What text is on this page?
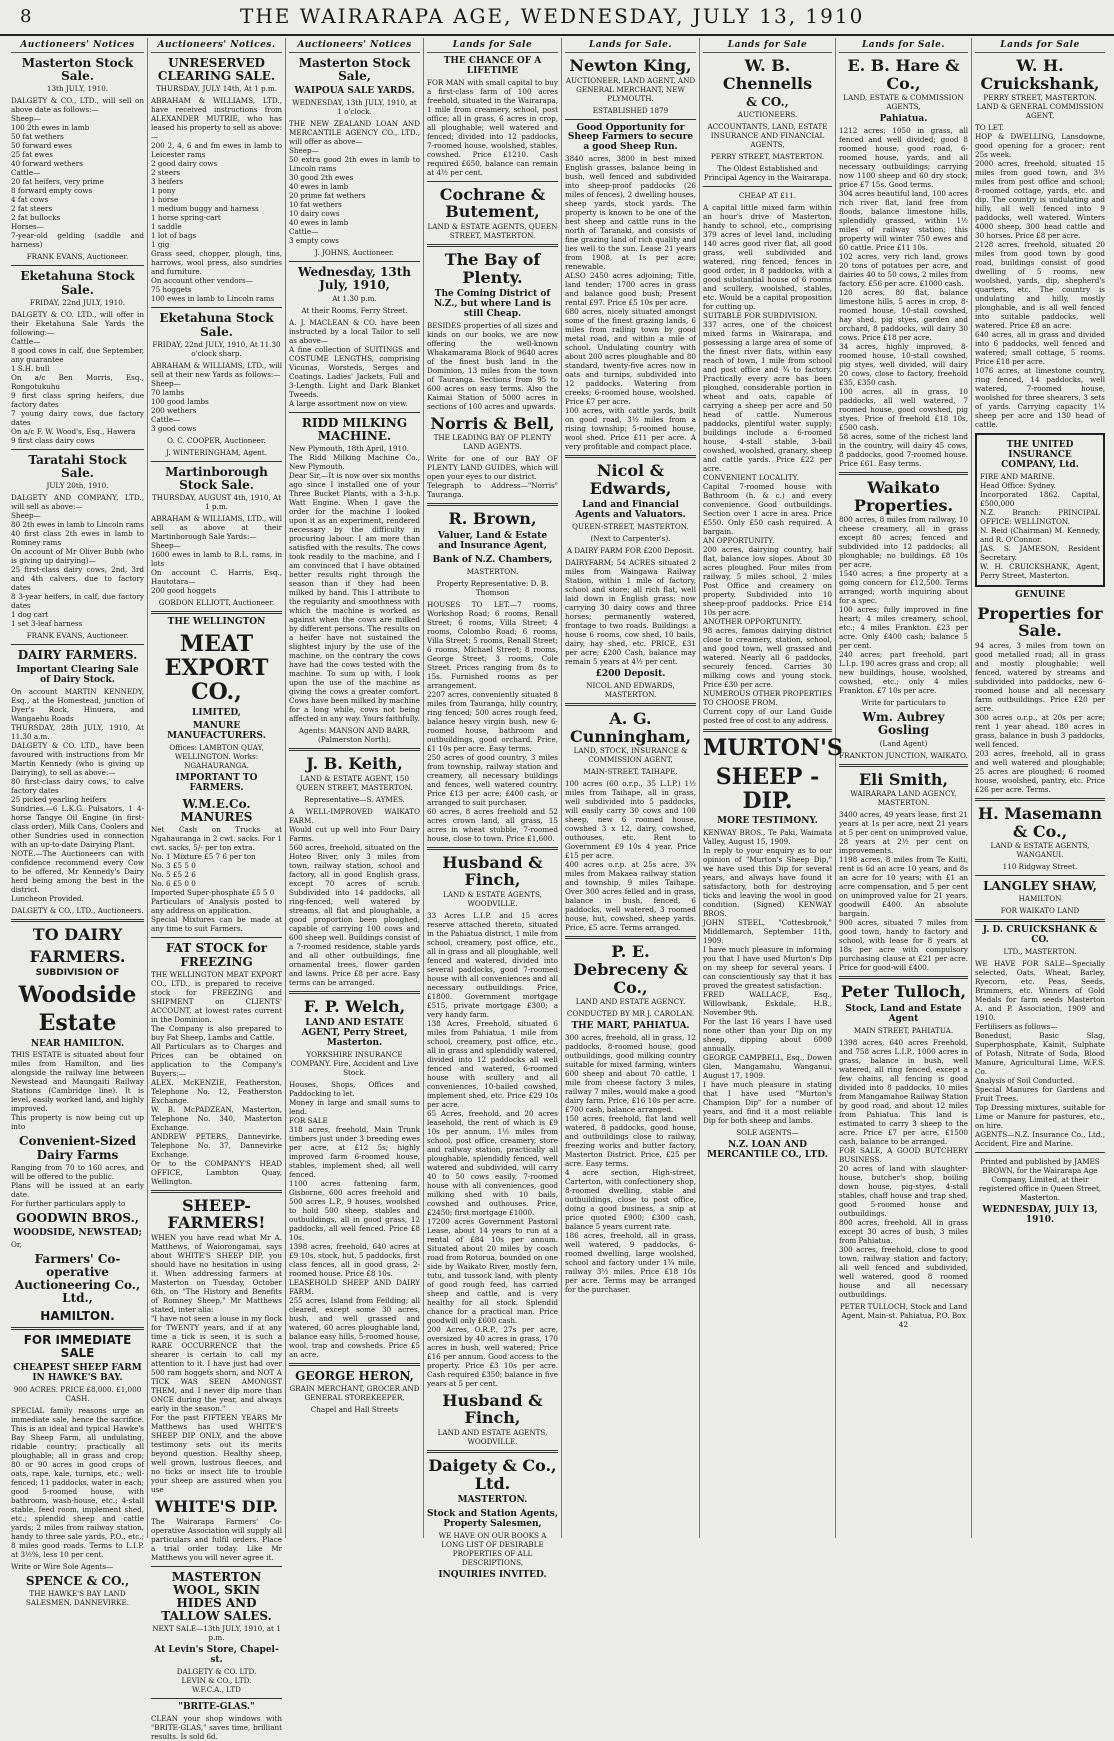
8	THE WAIRARAPA AGE, WEDNESDAY, JULY 13, 1910
Auctioneers' Notices
Masterton Stock Sale.
13th JULY, 1910.
DALGETY & CO., LTD., will sell on above date as follows:—
Sheep—
100 2th ewes in lamb
50 fat wethers
50 forward ewes
25 fat ewes
40 forward wethers
Cattle—
20 fat heifers, very prime
8 forward empty cows
4 fat cows
2 fat steers
2 fat bullocks
Horses—
7-year-old gelding (saddle and harness)
FRANK EVANS, Auctioneer.
Eketahuna Stock Sale.
FRIDAY, 22nd JULY, 1910.
DALGETY & CO. LTD., will offer in their Eketahuna Sale Yards the following:—
Cattle—
8 good cows in calf, due September, any guarantee
1 S.H. bull
On a/c Ben Morris, Esq., Rongotukuhu
9 first class spring heifers, due factory dates
7 young dairy cows, due factory dates
On a/c F. W. Wood's, Esq., Hawera
9 first class dairy cows
Taratahi Stock Sale.
JULY 20th, 1910.
DALGETY AND COMPANY, LTD., will sell as above:—
Sheep—
80 2th ewes in lamb to Lincoln rams
40 first class 2th ewes in lamb to Romney rams
On account of Mr Oliver Bubb (who is giving up dairying)—
25 first-class dairy cows, 2nd, 3rd and 4th calvers, due to factory dates
8 3-year heifers, in calf, due factory dates
1 dog cart
1 set 3-leaf harness
FRANK EVANS, Auctioneer.
DAIRY FARMERS.
Important Clearing Sale of Dairy Stock.
On account MARTIN KENNEDY, Esq., at the Homestead, junction of Dyer's Rock, Hinuera, and Wangaehu Roads
THURSDAY, 28th JULY, 1910, At 11.30 a.m.
DALGETY & CO. LTD., have been favoured with instructions from Mr Martin Kennedy (who is giving up Dairying), to sell as above:—
80 first-class dairy cows, to calve factory dates
25 picked yearling heifers
Sundries.—6 L.K.G. Pulsators, 1 4-horse Tangye Oil Engine (in first-class order), Milk Cans, Coolers and other Sundries used in connection with an up-to-date Dairying Plant.
NOTE.—The Auctioneers can with confidence recommend every Cow to be offered, Mr Kennedy's Dairy herd being among the best in the district.
Luncheon Provided.
DALGETY & CO., LTD., Auctioneers.
TO DAIRY
FARMERS.
SUBDIVISION OF
Woodside
Estate
NEAR HAMILTON.
THIS ESTATE is situated about four miles from Hamilton, and lies alongside the railway line between Newstead and Maungaiti Railway Stations (Cambridge line). It is level, easily worked land, and highly improved.
This property is now being cut up into
Convenient-Sized Dairy Farms
Ranging from 70 to 160 acres, and will be offered to the public.
Plans will be issued at an early date.
For further particulars apply to
GOODWIN BROS.,
WOODSIDE, NEWSTEAD;
Or,
Farmers' Co-operative Auctioneering Co., Ltd.,
HAMILTON.
FOR IMMEDIATE SALE
CHEAPEST SHEEP FARM IN HAWKE'S BAY.
900 ACRES. PRICE £8,000. £1,000 CASH.
SPECIAL family reasons urge an immediate sale, hence the sacrifice. This is an ideal and typical Hawke's Bay Sheep Farm, all undulating, ridable country; practically all ploughable; all in grass and crop; 80 or 90 acres in good crops of oats, rape, kale, turnips, etc.; well-fenced; 11 paddocks, water in each; good 5-roomed house, with bathroom, wash-house, etc.; 4-stall stable, feed room, implement shed, etc.; splendid sheep and cattle yards; 2 miles from railway station, handy to three sale yards, P.O., etc.; 8 miles good roads. Terms to L.I.P. at 3½%, less 10 per cent.
Write or Wire Sole Agents—
SPENCE & CO.,
THE HAWKE'S BAY LAND SALESMEN, DANNEVIRKE.
Auctioneers' Notices.
UNRESERVED CLEARING SALE.
THURSDAY, JULY 14th, At 1 p.m.
ABRAHAM & WILLIAMS, LTD., have received instructions from ALEXANDER MUTRIE, who has leased his property to sell as above:—
200 2, 4, 6 and fm ewes in lamb to Leicester rams
2 good dairy cows
2 steers
3 heifers
1 pony
1 horse
1 medium buggy and harness
1 horse spring-cart
1 saddle
1 lot of bags
1 gig
Grass seed, chopper, plough, tins, harrows, wool press, also sundries and furniture.
On account other vendors—
75 hoggets
100 ewes in lamb to Lincoln rams
Eketahuna Stock Sale.
FRIDAY, 22nd JULY, 1910, At 11.30 o'clock sharp.
ABRAHAM & WILLIAMS, LTD., will sell at their new Yards as follows:—
Sheep—
70 lambs
100 good lambs
200 wethers
Cattle—
3 good cows
O. C. COOPER, Auctioneer.
J. WINTERINGHAM, Agent.
Martinborough Stock Sale.
THURSDAY, AUGUST 4th, 1910, At 1 p.m.
ABRAHAM & WILLIAMS, LTD., will sell as above at their Martinborough Sale Yards:—
Sheep—
1600 ewes in lamb to B.L. rams, in lots
On account C. Harris, Esq., Hautotara—
200 good hoggets
GORDON ELLIOTT, Auctioneer.
THE WELLINGTON
MEAT EXPORT CO.,
LIMITED,
MANURE MANUFACTURERS.
Offices: LAMBTON QUAY, WELLINGTON. Works: NGAHAURANGA.
IMPORTANT TO FARMERS.
W.M.E.Co. MANURES
Net Cash on Trucks at Ngahauranga in 2 cwt. sacks. For 1 cwt. sacks, 5/- per ton extra.
No. 1 Mixture £5 7 6 per ton
No. 3 £5 5 0
No. 5 £5 2 6
No. 6 £5 0 0
Imported Super-phosphate £5 5 0
Particulars of Analysis posted to any address on application.
Special Mixtures can be made at any time to suit Farmers.
FAT STOCK for FREEZING
THE WELLINGTON MEAT EXPORT CO., LTD., is prepared to receive stock for FREEZING and SHIPMENT on CLIENTS' ACCOUNT, at lowest rates current in the Dominion.
The Company is also prepared to buy Fat Sheep, Lambs and Cattle.
All Particulars as to Charges and Prices can be obtained on application to the Company's Buyers:—
ALEX. McKENZIE, Featherston, Telephone No. 12, Featherston Exchange.
W. B. McPADZEAN, Masterton, Telephone No. 340, Masterton Exchange.
ANDREW PETERS, Dannevirke, Telephone No. 37, Dannevirke Exchange.
Or to the COMPANY'S HEAD OFFICE, Lambton Quay, Wellington.
SHEEP-FARMERS!
WHEN you have read what Mr A. Matthews, of Waiorongamai, says about WHITE'S SHEEP DIP, you should have no hesitation in using it. When addressing farmers at Masterton on Tuesday, October 6th, on "The History and Benefits of Romney Sheep," Mr Matthews stated, inter alia:
"I have not seen a louse in my flock for TWENTY years, and if at any time a tick is seen, it is such a RARE OCCURRENCE that the shearer is certain to call my attention to it. I have just had over 500 ram hoggets shorn, and NOT A TICK WAS SEEN AMONGST THEM, and I never dip more than ONCE during the year, and always early in the season."
For the past FIFTEEN YEARS Mr Matthews has used WHITE'S SHEEP DIP ONLY, and the above testimony sets out its merits beyond question. Healthy sheep, well grown, lustrous fleeces, and no ticks or insect life to trouble your sheep are assured when you use
WHITE'S DIP.
The Wairarapa Farmers' Co-operative Association will supply all particulars and fulfil orders. Place a trial order today. Like Mr Matthews you will never agree it.
MASTERTON WOOL, SKIN HIDES AND TALLOW SALES.
NEXT SALE—13th JULY, 1910, at 1 p.m.
At Levin's Store, Chapel-st.
DALGETY & CO. LTD.
LEVIN & CO., LTD.
W.F.C.A., LTD
"BRITE-GLAS."
CLEAN your shop windows with "BRITE-GLAS," saves time, brilliant results. Is sold 6d.
Auctioneers' Notices
Masterton Stock Sale,
WAIPOUA SALE YARDS.
WEDNESDAY, 13th JULY, 1910, at 1 o'clock.
THE NEW ZEALAND LOAN AND MERCANTILE AGENCY CO., LTD., will offer as above—
Sheep—
50 extra good 2th ewes in lamb to Lincoln rams
30 good 2th ewes
40 ewes in lamb
20 prime fat wethers
10 fat wethers
10 dairy cows
40 ewes in lamb
Cattle—
3 empty cows
J. JOHNS, Auctioneer.
Wednesday, 13th July, 1910,
At 1.30 p.m.
At their Rooms, Ferry Street.
A. J. MACLEAN & CO. have been instructed by a local Tailor to sell as above—
A fine collection of SUITINGS and COSTUME LENGTHS, comprising Vicunas, Worsteds, Serges and Coatings. Ladies' Jackets, Full and 3-Length. Light and Dark Blanket Tweeds.
A large assortment now on view.
RIDD MILKING MACHINE.
New Plymouth, 18th April, 1910.
The Ridd Milking Machine Co., New Plymouth.
Dear Sir,—It is now over six months ago since I installed one of your Three Bucket Plants, with a 3-h.p. Watt Engine. When I gave the order for the machine I looked upon it as an experiment, rendered necessary by the difficulty in procuring labour. I am more than satisfied with the results. The cows took readily to the machine, and I am convinced that I have obtained better results right through the season than if they had been milked by hand. This I attribute to the regularity and smoothness with which the machine is worked as against when the cows are milked by different persons. The results on a heifer have not sustained the slightest injury by the use of the machine, on the contrary the cows have had the cows tested with the machine. To sum up with, I look upon the use of the machine as giving the cows a greater comfort. Cows have been milked by machine for a long while, cows not being affected in any way. Yours faithfully.
Agents: MANSON AND BARR, (Palmerston North).
J. B. Keith,
LAND & ESTATE AGENT, 150 QUEEN STREET, MASTERTON.
Representative—S. AYMES.
A WELL-IMPROVED WAIKATO FARM.
Would cut up well into Four Dairy Farms.
560 acres, freehold, situated on the Hoteo River, only 3 miles from town, railway station, school and factory, all in good English grass, except 70 acres of scrub. Subdivided into 14 paddocks, all ring-fenced, well watered by streams, all flat and ploughable, a good proportion been ploughed, capable of carrying 100 cows and 600 sheep well. Buildings consist of a 7-roomed residence, stable yards and all other outbuildings, fine ornamental trees, flower garden and lawns. Price £8 per acre. Easy terms can be arranged.
F. P. Welch,
LAND AND ESTATE AGENT, Perry Street, Masterton.
YORKSHIRE INSURANCE COMPANY. Fire, Accident and Live Stock.
Houses, Shops, Offices and Paddocking to let.
Money in large and small sums to lend.
FOR SALE
318 acres, freehold, Main Trunk timbers just under 3 breeding ewes per acre, at £12 5s; highly improved farm 6-roomed house, stables, implement shed, all well fenced.
1100 acres fattening farm, Gisborne, 600 acres freehold and 500 acres L.P., 9 houses, woolshed to hold 500 sheep, stables and outbuildings, all in good grass, 12 paddocks, all well fenced. Price £8 10s.
1398 acres, freehold, 640 acres at £9 10s, stock, hut, 5 paddocks, first class fences, all in good grass, 2-roomed house. Price £8 10s.
LEASEHOLD SHEEP AND DAIRY FARM.
255 acres, Island from Feilding; all cleared, except some 30 acres, bush, and well grassed and watered, 60 acres ploughable land, balance easy hills, 5-roomed house, wool, trap and cowsheds. Price £5 an acre.
GEORGE HERON,
GRAIN MERCHANT, GROCER AND GENERAL STOREKEEPER,
Chapel and Hall Streets
Lands for Sale
THE CHANCE OF A LIFETIME
FOR MAN with small capital to buy a first-class farm of 100 acres freehold, situated in the Wairarapa, 1 mile from creamery, school, post office; all in grass, 6 acres in crop, all ploughable; well watered and fenced; divided into 12 paddocks, 7-roomed house, woolshed, stables, cowshed. Price £1210. Cash required £650, balance can remain at 4½ per cent.
Cochrane & Butement,
LAND & ESTATE AGENTS, QUEEN STREET, MASTERTON.
The Bay of Plenty.
The Coming District of N.Z., but where Land is still Cheap.
BESIDES properties of all sizes and kinds on our books, we are now offering the well-known Whakamarama Block of 9640 acres of the finest bush land in the Dominion, 13 miles from the town of Tauranga. Sections from 95 to 600 acres on easy terms. Also the Kaimai Station of 5000 acres in sections of 100 acres and upwards.
Norris & Bell,
THE LEADING BAY OF PLENTY LAND AGENTS.
Write for one of our BAY OF PLENTY LAND GUIDES, which will open your eyes to our district.
Telegraph to Address—"Norris" Tauranga.
R. Brown,
Valuer, Land & Estate and Insurance Agent,
Bank of N.Z. Chambers,
MASTERTON.
Property Representative: D. B. Thomson
HOUSES TO LET.—7 rooms, Workshop Road; 6 rooms, Renall Street; 6 rooms, Villa Street; 4 rooms, Colombo Road; 6 rooms, Villa Street; 5 rooms, Renall Street; 6 rooms, Michael Street; 8 rooms, George Street; 3 rooms, Cole Street. Prices ranging from 8s to 15s. Furnished rooms as per arrangement.
2207 acres, conveniently situated 8 miles from Tauranga, hilly country, ring fenced; 500 acres rough feed, balance heavy virgin bush, new 6-roomed house, bathroom and outbuildings, good orchard. Price, £1 10s per acre. Easy terms.
250 acres of good country, 3 miles from township, railway station and creamery, all necessary buildings and fences, well watered country. Price £13 per acre; £400 cash, or arranged to suit purchaser.
60 acres, 8 acres freehold and 52 acres crown land, all grass, 15 acres in wheat stubble, 7-roomed house, close to town. Price £1,600.
Husband & Finch,
LAND & ESTATE AGENTS, WOODVILLE.
33 Acres L.I.P. and 15 acres reserve attached thereto, situated in the Pahiatua district, 1 mile from school, creamery, post office, etc., all in grass and all ploughable, well fenced and watered, divided into several paddocks, good 7-roomed house with all conveniences and all necessary outbuildings. Price, £1800. Government mortgage £515, private mortgage £300; a very handy farm.
138 Acres, Freehold, situated 6 miles from Pahiatua, 1 mile from school, creamery, post office, etc., all in grass and splendidly watered, divided into 12 paddocks all well fenced and watered, 6-roomed house with scullery and all conveniences, 10-bailed cowshed, implement shed, etc. Price £29 10s per acre.
65 Acres, freehold, and 20 acres leasehold, the rent of which is £9 10s per annum, 1½ miles from school, post office, creamery, store and railway station, practically all ploughable, splendidly fenced, well watered and subdivided, will carry 40 to 50 cows easily, 7-roomed house with all conveniences, good milking shed with 10 bails, cowshed and outhouses. Price, £2450; first mortgage £1000.
17200 acres Government Pastoral Lease, about 14 years to run at a rental of £84 10s per annum. Situated about 20 miles by coach road from Rotorua, bounded on one side by Waikato River, mostly fern, tutu, and tussock land, with plenty of good rough feed, has carried sheep and cattle, and is very healthy for all stock. Splendid chance for a practical man. Price goodwill only £600 cash.
200 Acres, O.R.P., 27s per acre, oversized by 40 acres in grass, 170 acres in bush, well watered; Price £16 per annum. Good access to the property. Price £3 10s per acre. Cash required £350; balance in five years at 5 per cent.
Husband & Finch,
LAND AND ESTATE AGENTS, WOODVILLE.
Daigety & Co., Ltd.
MASTERTON.
Stock and Station Agents, Property Salesmen,
WE HAVE ON OUR BOOKS A LONG LIST OF DESIRABLE PROPERTIES OF ALL DESCRIPTIONS,
INQUIRIES INVITED.
Lands for Sale.
Newton King,
AUCTIONEER, LAND AGENT, AND GENERAL MERCHANT, NEW PLYMOUTH.
ESTABLISHED 1879
Good Opportunity for Sheep Farmers to secure a good Sheep Run.
3840 acres, 3800 in best mixed English grasses, balance being in bush, well fenced and subdivided into sheep-proof paddocks (26 miles of fences), 2 dwelling houses, sheep yards, stock yards. The property is known to be one of the best sheep and cattle runs in the north of Taranaki, and consists of fine grazing land of rich quality and lies well to the sun. Lease 21 years from 1908, at 1s per acre; renewable.
ALSO 2450 acres adjoining; Title, land tender; 1700 acres in grass and balance good bush; Present rental £97. Price £5 10s per acre.
680 acres, nicely situated amongst some of the finest grazing lands, 6 miles from railing town by good metal road, and within a mile of school. Undulating country with about 200 acres ploughable and 80 standard, twenty-five acres now in oats and turnips, subdivided into 12 paddocks. Watering from creeks; 6-roomed house, woolshed. Price £7 per acre.
100 acres, with cattle yards, built on good road, 3½ miles from a rising township; 5-roomed house, wool shed. Price £11 per acre. A very profitable and compact place.
Nicol & Edwards,
Land and Financial Agents and Valuators.
QUEEN-STREET, MASTERTON.
(Next to Carpenter's).
A DAIRY FARM FOR £200 Deposit.
DAIRYFARM; 54 ACRES situated 2 miles from Waingawa Railway Station, within 1 mile of factory, school and store; all rich flat, well laid down in English grass; now carrying 30 dairy cows and three horses; permanently watered, frontage to two roads. Buildings: a house 6 rooms, cow shed, 10 bails, dairy, hay shed, etc. PRICE, £31 per acre; £200 Cash, balance may remain 5 years at 4½ per cent.
£200 Deposit.
NICOL AND EDWARDS, MASTERTON.
A. G. Cunningham,
LAND, STOCK, INSURANCE & COMMISSION AGENT,
MAIN-STREET, TAIHAPE.
100 acres (60 o.r.p., 35 L.I.P.) 1½ miles from Taihape, all in grass, well subdivided into 5 paddocks, will easily carry 30 cows and 100 sheep, new 6 roomed house, cowshed 3 x 12, dairy, cowshed, outhouses, etc. Rent to Government £9 10s 4 year. Price £15 per acre.
400 acres o.r.p. at 25s acre, 3¾ miles from Makaea railway station and township, 9 miles Taihape. Over 300 acres felled and in grass, balance in bush, fenced, 6 paddocks, well watered, 3 roomed house, hut, cowshed, sheep yards. Price, £5 acre. Terms arranged.
P. E. Debreceny & Co.,
LAND AND ESTATE AGENCY.
CONDUCTED BY MR J. CAROLAN.
THE MART, PAHIATUA.
300 acres, freehold, all in grass, 12 paddocks, 8-roomed house, good outbuildings, good milking country suitable for mixed farming, winters 600 sheep and about 70 cattle, 1 mile from cheese factory 3 miles, railway 7 miles, would make a good dairy farm. Price, £16 10s per acre. £700 cash, balance arranged.
150 acres, freehold, flat land well watered, 8 paddocks, good house, and outbuildings close to railway, freezing works and butter factory, Masterton District. Price, £25 per acre. Easy terms.
4 acre section, High-street, Carterton, with confectionery shop, 8-roomed dwelling, stable and outbuildings, close to post office, doing a good business, a snip at price quoted £900; £300 cash, balance 5 years current rate.
186 acres, freehold, all in grass, well watered, 9 paddocks, 6-roomed dwelling, large woolshed, school and factory under 1¾ mile, railway 3½ miles. Price £18 10s per acre. Terms may be arranged for the purchaser.
Lands for Sale
W. B. Chennells
& CO.,
AUCTIONEERS.
ACCOUNTANTS, LAND, ESTATE INSURANCE AND FINANCIAL AGENTS,
PERRY STREET, MASTERTON.
The Oldest Established and Principal Agency in the Wairarapa.
CHEAP AT £11.
A capital little mixed farm within an hour's drive of Masterton, handy to school, etc., comprising 379 acres of level land, including 140 acres good river flat, all good grass, well subdivided and watered, ring fenced, fences in good order, in 8 paddocks, with a good substantial house of 6 rooms and scullery, woolshed, stables, etc. Would be a capital proposition for cutting up.
SUITABLE FOR SUBDIVISION.
337 acres, one of the choicest mixed farms in Wairarapa, and possessing a large area of some of the finest river flats, within easy reach of town, 1 mile from school and post office and ¾ to factory. Practically every acre has been ploughed, considerable portion in wheat and oats, capable of carrying a sheep per acre and 50 head of cattle. Numerous paddocks, plentiful water supply; buildings include a 6-roomed house, 4-stall stable, 3-bail cowshed, woolshed, granary, sheep and cattle yards. Price £22 per acre.
CONVENIENT LOCALITY.
Capital 7-roomed house with Bathroom (h. & c.) and every convenience. Good outbuildings. Section over 1 acre in area. Price £550. Only £50 cash required. A bargain.
AN OPPORTUNITY.
200 acres, dairying country, half flat, balance low slopes. About 30 acres ploughed. Four miles from railway, 5 miles school, 2 miles Post Office and creamery on property. Subdivided into 10 sheep-proof paddocks. Price £14 10s per acre.
ANOTHER OPPORTUNITY.
98 acres, famous dairying district close to creamery, station, school, and good town, well grassed and watered. Nearly all 6 paddocks, securely fenced. Carries 30 milking cows and young stock. Price £30 per acre.
NUMEROUS OTHER PROPERTIES TO CHOOSE FROM.
Current copy of our Land Guide posted free of cost to any address.
MURTON'S
SHEEP - DIP.
MORE TESTIMONY.
KENWAY BROS., Te Paki, Waimata Valley, August 15, 1909.
In reply to your enquiry as to our opinion of "Murton's Sheep Dip," we have used this Dip for several years, and always have found it satisfactory, both for destroying ticks and leaving the wool in good condition. (Signed) KENWAY BROS.
JOHN STEEL, "Cottesbrook," Middlemarch, September 11th, 1909.
I have much pleasure in informing you that I have used Murton's Dip on my sheep for several years. I can conscientiously say that it has proved the greatest satisfaction.
FRED WALLACE, Esq., Willowbank, Eskdale, H.B., November 9th.
For the last 16 years I have used none other than your Dip on my sheep, dipping about 6000 annually.
GEORGE CAMPBELL, Esq., Dowen Glen, Mangamahu, Wanganui, August 17, 1909.
I have much pleasure in stating that I have used "Murton's Champion Dip" for a number of years, and find it a most reliable Dip for both sheep and lambs.
SOLE AGENTS—
N.Z. LOAN AND MERCANTILE CO., LTD.
Lands for Sale.
E. B. Hare & Co.,
LAND, ESTATE & COMMISSION AGENTS,
Pahiatua.
1212 acres; 1050 in grass, all fenced and well divided; good 8 roomed house, good road, 6-roomed house, yards, and all necessary outbuildings; carrying now 1100 sheep and 60 dry stock; price £7 15s. Good terms.
304 acres beautiful land, 100 acres rich river flat, land free from floods, balance limestone hills, splendidly grassed, within 1½ miles of railway station; this property will winter 750 ewes and 60 cattle. Price £11 10s.
102 acres, very rich land, grows 20 tons of potatoes per acre, and dairies 40 to 50 cows, 2 miles from factory. £56 per acre. £1000 cash.
120 acres, 80 flat, balance limestone hills, 5 acres in crop, 8-roomed house, 10-stall cowshed, hay shed, pig styes, garden and orchard, 8 paddocks, will dairy 30 cows. Price £18 per acre.
34 acres, highly improved, 8-roomed house, 10-stall cowshed, pig styes, well divided, will dairy 20 cows, close to factory, freehold £35, £350 cash.
100 acres, all in grass, 10 paddocks, all well watered, 7 roomed house, good cowshed, pig styes. Price of freehold £18 10s, £500 cash.
58 acres, some of the richest land in the country, will dairy 45 cows, 8 paddocks, good 7-roomed house. Price £61. Easy terms.
Waikato Properties.
800 acres, 8 miles from railway, 10 cheese creamery, all in grass except 80 acres; fenced and subdivided into 12 paddocks; all ploughable; no buildings. £8 10s per acre.
1540 acres; a fine property at a going concern for £12,500. Terms arranged; worth inquiring about for a spec.
100 acres; fully improved in fine heart; 4 miles creamery, school, etc.; 4 miles Frankton. £23 per acre. Only £400 cash; balance 5 per cent.
240 acres; part freehold, part L.I.p. 190 acres grass and crop; all new buildings, house, woolshed, cowshed, etc.; only 4 miles Frankton. £7 10s per acre.
Write for particulars to
Wm. Aubrey Gosling
(Land Agent)
FRANKTON JUNCTION, WAIKATO.
Eli Smith,
WAIRARAPA LAND AGENCY, MASTERTON.
3400 acres, 49 years lease, first 21 years at 1s per acre, next 21 years at 5 per cent on unimproved value, 28 years at 2½ per cent on improvements.
1198 acres, 8 miles from Te Kuiti, rent is 6d an acre 10 years, and 8s an acre for 10 years; with £1 an acre compensation, and 5 per cent on unimproved value for 21 years, goodwill £400. An absolute bargain.
900 acres, situated 7 miles from good town, handy to factory and school, with lease for 8 years at 18s per acre with compulsory purchasing clause at £21 per acre. Price for good-will £400.
Peter Tulloch,
Stock, Land and Estate Agent
MAIN STREET, PAHIATUA.
1398 acres, 640 acres Freehold, and 758 acres L.I.P., 1000 acres in grass, balance in bush, well watered, all ring fenced, except a few chains, all fencing is good divided into 8 paddocks, 10 miles from Mangamahoe Railway Station by good road, and about 12 miles from Pahiatua. This land is estimated to carry 3 sheep to the acre. Price £7 per acre, £1500 cash, balance to be arranged.
FOR SALE, A GOOD BUTCHERY BUSINESS.
20 acres of land with slaughter-house, butcher's shop, boiling down house, pig-styes, 4-stall stables, chaff house and trap shed, good 5-roomed house and outbuildings.
800 acres, freehold. All in grass except 30 acres of bush, 3 miles from Pahiatua.
300 acres, freehold, close to good town, railway station and factory; all well fenced and subdivided, well watered, good 8 roomed house and all necessary outbuildings.
PETER TULLOCH, Stock and Land Agent, Main-st. Pahiatua, P.O. Box 42
Lands for Sale
W. H. Cruickshank,
PERRY STREET, MASTERTON. LAND & GENERAL COMMISSION AGENT,
TO LET.
HOP & DWELLING, Lansdowne, good opening for a grocer; rent 25s week.
2000 acres, freehold, situated 15 miles from good town, and 3½ miles from post office and school; 8-roomed cottage, yards, etc. and dip. The country is undulating and hilly, all well fenced into 9 paddocks, well watered. Winters 4000 sheep, 300 head cattle and 30 horses. Price £8 per acre.
2128 acres, freehold, situated 20 miles from good town by good road, buildings consist of good dwelling of 5 rooms, new woolshed, yards, dip, shepherd's quarters, etc. The country is undulating and hilly, mostly ploughable, and is all well fenced into suitable paddocks, well watered. Price £8 an acre.
640 acres, all in grass and divided into 6 paddocks, well fenced and watered; small cottage, 5 rooms. Price £18 per acre.
1076 acres, at limestone country, ring fenced, 14 paddocks, well watered, 7-roomed house, woolshed for three shearers, 3 sets of yards. Carrying capacity 1¼ sheep per acre and 130 head of cattle.
THE UNITED INSURANCE COMPANY, Ltd.
FIRE AND MARINE.
Head Office: Sydney.
Incorporated 1862. Capital, £500,000
N.Z. Branch: PRINCIPAL OFFICE: WELLINGTON.
N. Reid (Chairman) M. Kennedy, and R. O'Connor.
JAS. S. JAMESON, Resident Secretary.
W. H. CRUICKSHANK, Agent, Perry Street, Masterton.
GENUINE
Properties for Sale.
94 acres, 3 miles from town on good metalled road; all in grass and mostly ploughable; well fenced, watered by streams and subdivided into paddocks, new 6-roomed house and all necessary farm outbuildings. Price £20 per acre.
300 acres o.r.p., at 20s per acre; rent 1 year ahead. 180 acres in grass, balance in bush 3 paddocks, well fenced.
203 acres, freehold, all in grass and well watered and ploughable; 25 acres are ploughed; 6 roomed house, woolshed, pantry, etc. Price £26 per acre. Terms.
H. Masemann & Co.,
LAND & ESTATE AGENTS, WANGANUI.
110 Ridgway Street.
LANGLEY SHAW,
HAMILTON
FOR WAIKATO LAND
J. D. CRUICKSHANK & CO.
LTD., MASTERTON.
WE HAVE FOR SALE—Specially selected, Oats, Wheat, Barley, Ryecorn, etc. Peas, Seeds, Brimmers, etc. Winners of Gold Medals for farm seeds Masterton A. and P. Association, 1909 and 1910.
Fertilisers as follows—
Bonedust, Basic Slag, Superphosphate, Kainit, Sulphate of Potash, Nitrate of Soda, Blood Manure, Agricultural Lime, W.F.S. Co.
Analysis of Soil Conducted.
Special Manures for Gardens and Fruit Trees.
Top Dressing mixtures, suitable for Lime or Manure for pastures, etc., on hire.
AGENTS—N.Z. Insurance Co., Ltd., Accident, Fire and Marine.
Printed and published by JAMES BROWN, for the Wairarapa Age Company, Limited, at their registered office in Queen Street, Masterton.
WEDNESDAY, JULY 13, 1910.
